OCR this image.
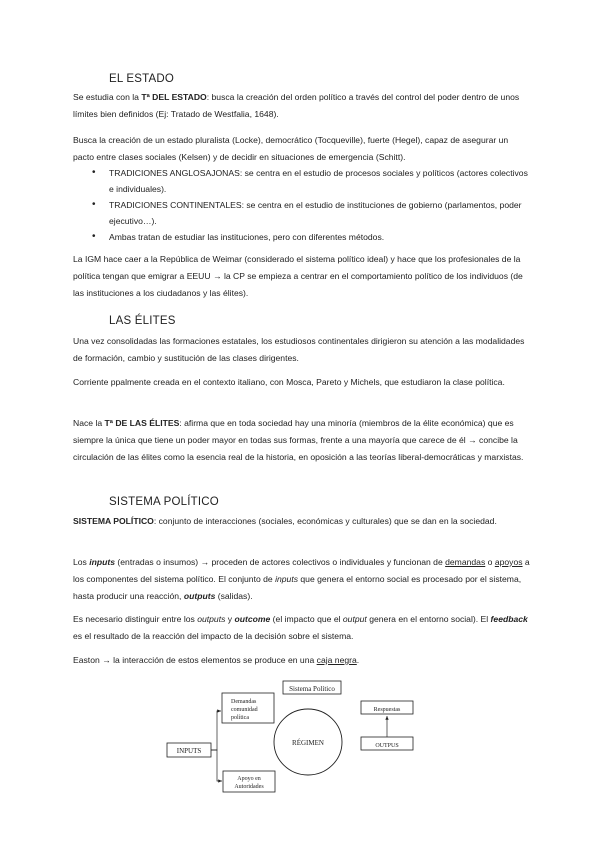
EL ESTADO
Se estudia con la Tª DEL ESTADO: busca la creación del orden político a través del control del poder dentro de unos límites bien definidos (Ej: Tratado de Westfalia, 1648).
Busca la creación de un estado pluralista (Locke), democrático (Tocqueville), fuerte (Hegel), capaz de asegurar un pacto entre clases sociales (Kelsen) y de decidir en situaciones de emergencia (Schitt).
• TRADICIONES ANGLOSAJONAS: se centra en el estudio de procesos sociales y políticos (actores colectivos e individuales).
• TRADICIONES CONTINENTALES: se centra en el estudio de instituciones de gobierno (parlamentos, poder ejecutivo…).
• Ambas tratan de estudiar las instituciones, pero con diferentes métodos.
La IGM hace caer a la República de Weimar (considerado el sistema político ideal) y hace que los profesionales de la política tengan que emigrar a EEUU → la CP se empieza a centrar en el comportamiento político de los individuos (de las instituciones a los ciudadanos y las élites).
LAS ÉLITES
Una vez consolidadas las formaciones estatales, los estudiosos continentales dirigieron su atención a las modalidades de formación, cambio y sustitución de las clases dirigentes.
Corriente ppalmente creada en el contexto italiano, con Mosca, Pareto y Michels, que estudiaron la clase política.
Nace la Tª DE LAS ÉLITES: afirma que en toda sociedad hay una minoría (miembros de la élite económica) que es siempre la única que tiene un poder mayor en todas sus formas, frente a una mayoría que carece de él → concibe la circulación de las élites como la esencia real de la historia, en oposición a las teorías liberal-democráticas y marxistas.
SISTEMA POLÍTICO
SISTEMA POLÍTICO: conjunto de interacciones (sociales, económicas y culturales) que se dan en la sociedad.
Los inputs (entradas o insumos) → proceden de actores colectivos o individuales y funcionan de demandas o apoyos a los componentes del sistema político. El conjunto de inputs que genera el entorno social es procesado por el sistema, hasta producir una reacción, outputs (salidas).
Es necesario distinguir entre los outputs y outcome (el impacto que el output genera en el entorno social). El feedback es el resultado de la reacción del impacto de la decisión sobre el sistema.
Easton → la interacción de estos elementos se produce en una caja negra.
Sistema Político
Demandas
comunidad
política
INPUTS
RÉGIMEN
Apoyo en
Autoridades
Respuestas
OUTPUS
